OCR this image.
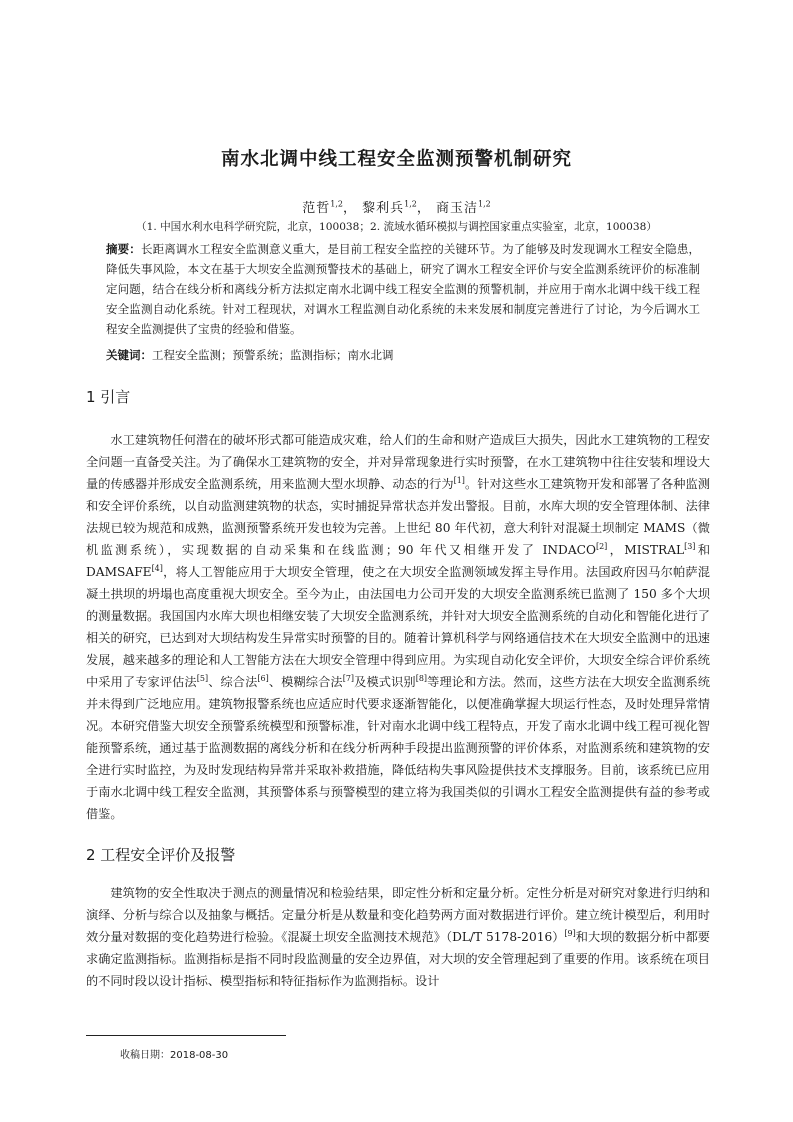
南水北调中线工程安全监测预警机制研究
范哲$^{1,2}$， 黎利兵$^{1,2}$， 商玉洁$^{1,2}$
（1. 中国水利水电科学研究院，北京，100038；2. 流域水循环模拟与调控国家重点实验室，北京，100038）
摘要：长距离调水工程安全监测意义重大，是目前工程安全监控的关键环节。为了能够及时发现调水工程安全隐患，降低失事风险，本文在基于大坝安全监测预警技术的基础上，研究了调水工程安全评价与安全监测系统评价的标准制定问题，结合在线分析和离线分析方法拟定南水北调中线工程安全监测的预警机制，并应用于南水北调中线干线工程安全监测自动化系统。针对工程现状，对调水工程监测自动化系统的未来发展和制度完善进行了讨论，为今后调水工程安全监测提供了宝贵的经验和借鉴。
关键词：工程安全监测；预警系统；监测指标；南水北调
1 引言
水工建筑物任何潜在的破坏形式都可能造成灾难，给人们的生命和财产造成巨大损失，因此水工建筑物的工程安全问题一直备受关注。为了确保水工建筑物的安全，并对异常现象进行实时预警，在水工建筑物中往往安装和埋设大量的传感器并形成安全监测系统，用来监测大型水坝静、动态的行为[1]。针对这些水工建筑物开发和部署了各种监测和安全评价系统，以自动监测建筑物的状态，实时捕捉异常状态并发出警报。目前，水库大坝的安全管理体制、法律法规已较为规范和成熟，监测预警系统开发也较为完善。上世纪 80 年代初，意大利针对混凝土坝制定 MAMS（微机监测系统），实现数据的自动采集和在线监测；90 年代又相继开发了 INDACO[2]，MISTRAL[3]和 DAMSAFE[4]，将人工智能应用于大坝安全管理，使之在大坝安全监测领域发挥主导作用。法国政府因马尔帕萨混凝土拱坝的坍塌也高度重视大坝安全。至今为止，由法国电力公司开发的大坝安全监测系统已监测了 150 多个大坝的测量数据。我国国内水库大坝也相继安装了大坝安全监测系统，并针对大坝安全监测系统的自动化和智能化进行了相关的研究，已达到对大坝结构发生异常实时预警的目的。随着计算机科学与网络通信技术在大坝安全监测中的迅速发展，越来越多的理论和人工智能方法在大坝安全管理中得到应用。为实现自动化安全评价，大坝安全综合评价系统中采用了专家评估法[5]、综合法[6]、模糊综合法[7]及模式识别[8]等理论和方法。然而，这些方法在大坝安全监测系统并未得到广泛地应用。建筑物报警系统也应适应时代要求逐渐智能化，以便准确掌握大坝运行性态，及时处理异常情况。本研究借鉴大坝安全预警系统模型和预警标准，针对南水北调中线工程特点，开发了南水北调中线工程可视化智能预警系统，通过基于监测数据的离线分析和在线分析两种手段提出监测预警的评价体系，对监测系统和建筑物的安全进行实时监控，为及时发现结构异常并采取补救措施，降低结构失事风险提供技术支撑服务。目前，该系统已应用于南水北调中线工程安全监测，其预警体系与预警模型的建立将为我国类似的引调水工程安全监测提供有益的参考或借鉴。
2 工程安全评价及报警
建筑物的安全性取决于测点的测量情况和检验结果，即定性分析和定量分析。定性分析是对研究对象进行归纳和演绎、分析与综合以及抽象与概括。定量分析是从数量和变化趋势两方面对数据进行评价。建立统计模型后，利用时效分量对数据的变化趋势进行检验。《混凝土坝安全监测技术规范》（DL/T 5178-2016）[9]和大坝的数据分析中都要求确定监测指标。监测指标是指不同时段监测量的安全边界值，对大坝的安全管理起到了重要的作用。该系统在项目的不同时段以设计指标、模型指标和特征指标作为监测指标。设计
收稿日期：2018-08-30
